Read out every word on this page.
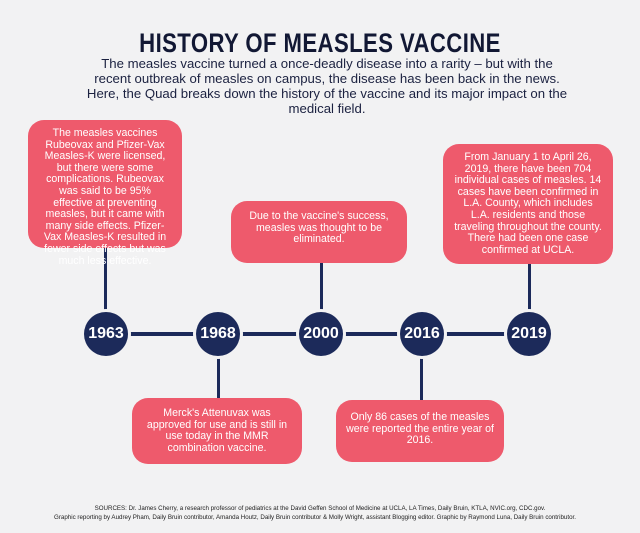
HISTORY OF MEASLES VACCINE
The measles vaccine turned a once-deadly disease into a rarity – but with the recent outbreak of measles on campus, the disease has been back in the news. Here, the Quad breaks down the history of the vaccine and its major impact on the medical field.
The measles vaccines Rubeovax and Pfizer-Vax Measles-K were licensed, but there were some complications. Rubeovax was said to be 95% effective at preventing measles, but it came with many side effects. Pfizer-Vax Measles-K resulted in fewer side effects but was much less effective.
Merck's Attenuvax was approved for use and is still in use today in the MMR combination vaccine.
Due to the vaccine's success, measles was thought to be eliminated.
Only 86 cases of the measles were reported the entire year of 2016.
From January 1 to April 26, 2019, there have been 704 individual cases of measles. 14 cases have been confirmed in L.A. County, which includes L.A. residents and those traveling throughout the county. There had been one case confirmed at UCLA.
1963	1968	2000	2016	2019
SOURCES: Dr. James Cherry, a research professor of pediatrics at the David Geffen School of Medicine at UCLA, LA Times, Daily Bruin, KTLA, NVIC.org, CDC.gov.
Graphic reporting by Audrey Pham, Daily Bruin contributor, Amanda Houtz, Daily Bruin contributor & Molly Wright, assistant Blogging editor. Graphic by Raymond Luna, Daily Bruin contributor.
